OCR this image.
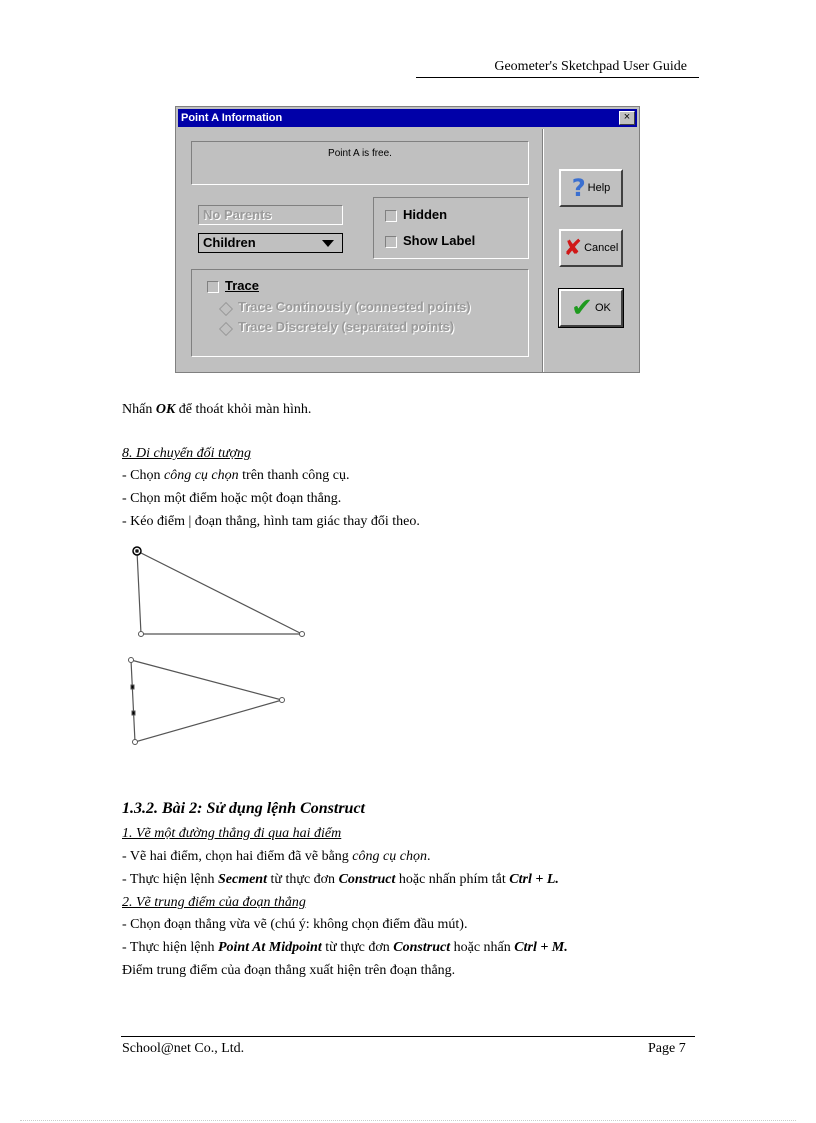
Geometer's Sketchpad User Guide
Point A Information	×
Point A is free.
No Parents
Children
Hidden
Show Label
Trace
Trace Continously (connected points)
Trace Discretely (separated points)
? Help
✘ Cancel
✔ OK
Nhấn OK để thoát khỏi màn hình.
8. Di chuyển đối tượng
- Chọn công cụ chọn trên thanh công cụ.
- Chọn một điểm hoặc một đoạn thẳng.
- Kéo điểm | đoạn thẳng, hình tam giác thay đổi theo.
1.3.2. Bài 2: Sử dụng lệnh Construct
1. Vẽ một đường thẳng đi qua hai điểm
- Vẽ hai điểm, chọn hai điểm đã vẽ bằng công cụ chọn.
- Thực hiện lệnh Secment từ thực đơn Construct hoặc nhấn phím tắt Ctrl + L.
2. Vẽ trung điểm của đoạn thẳng
- Chọn đoạn thẳng vừa vẽ (chú ý: không chọn điểm đầu mút).
- Thực hiện lệnh Point At Midpoint từ thực đơn Construct hoặc nhấn Ctrl + M.
Điểm trung điểm của đoạn thẳng xuất hiện trên đoạn thẳng.
School@net Co., Ltd.	Page 7
